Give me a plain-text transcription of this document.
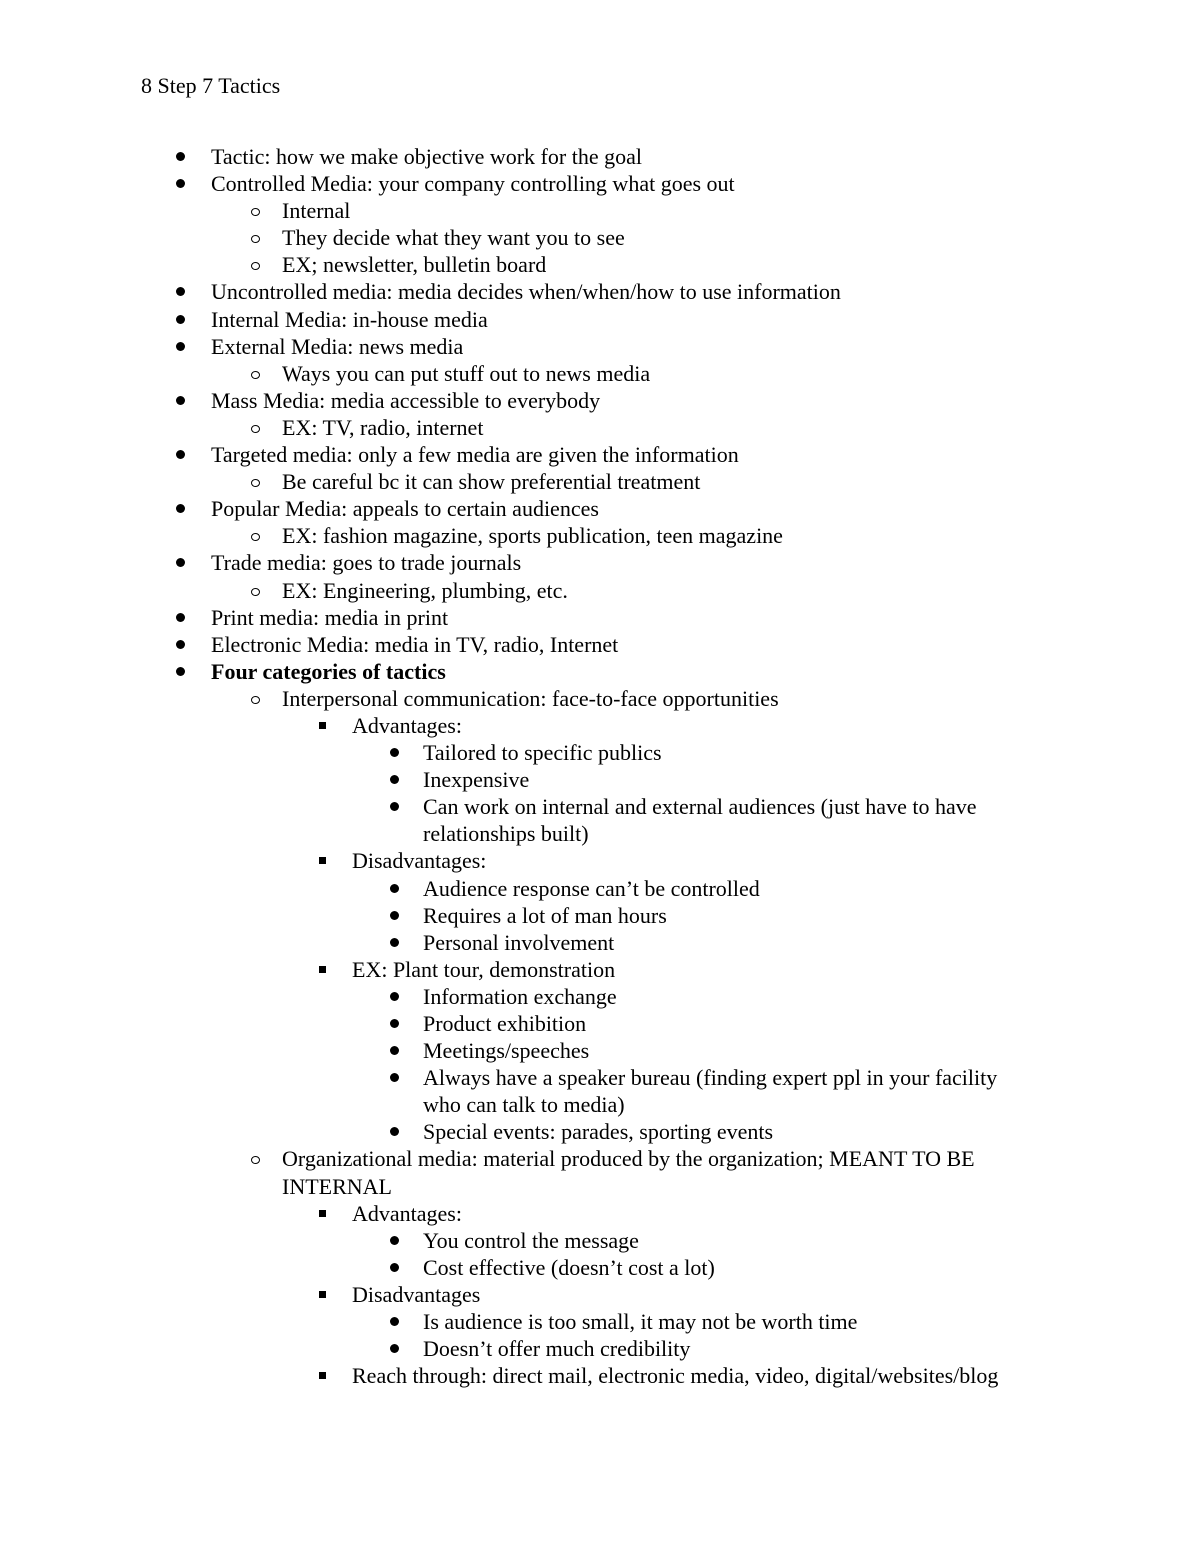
8 Step 7 Tactics
Tactic: how we make objective work for the goal
Controlled Media: your company controlling what goes out
Internal
They decide what they want you to see
EX; newsletter, bulletin board
Uncontrolled media: media decides when/when/how to use information
Internal Media: in-house media
External Media: news media
Ways you can put stuff out to news media
Mass Media: media accessible to everybody
EX: TV, radio, internet
Targeted media: only a few media are given the information
Be careful bc it can show preferential treatment
Popular Media: appeals to certain audiences
EX: fashion magazine, sports publication, teen magazine
Trade media: goes to trade journals
EX: Engineering, plumbing, etc.
Print media: media in print
Electronic Media: media in TV, radio, Internet
Four categories of tactics
Interpersonal communication: face-to-face opportunities
Advantages:
Tailored to specific publics
Inexpensive
Can work on internal and external audiences (just have to have
relationships built)
Disadvantages:
Audience response can’t be controlled
Requires a lot of man hours
Personal involvement
EX: Plant tour, demonstration
Information exchange
Product exhibition
Meetings/speeches
Always have a speaker bureau (finding expert ppl in your facility
who can talk to media)
Special events: parades, sporting events
Organizational media: material produced by the organization; MEANT TO BE
INTERNAL
Advantages:
You control the message
Cost effective (doesn’t cost a lot)
Disadvantages
Is audience is too small, it may not be worth time
Doesn’t offer much credibility
Reach through: direct mail, electronic media, video, digital/websites/blog
